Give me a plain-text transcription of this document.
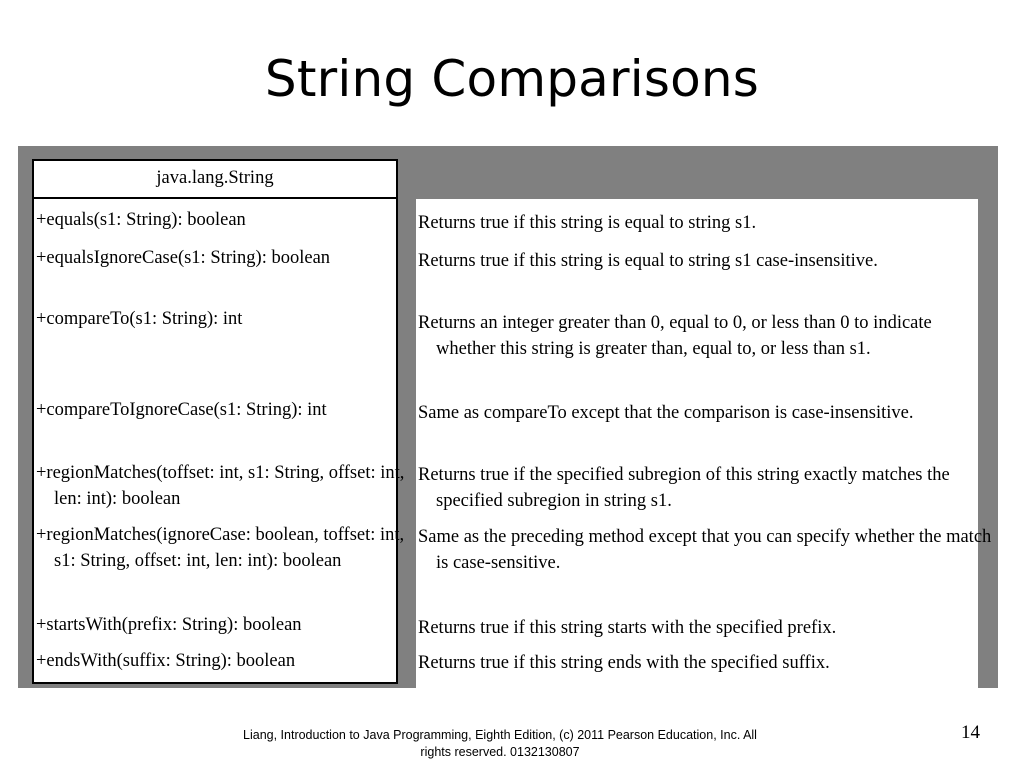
String Comparisons
java.lang.String
+equals(s1: String): boolean
+equalsIgnoreCase(s1: String): boolean
+compareTo(s1: String): int
+compareToIgnoreCase(s1: String): int
+regionMatches(toffset: int, s1: String, offset: int, len: int): boolean
+regionMatches(ignoreCase: boolean, toffset: int, s1: String, offset: int, len: int): boolean
+startsWith(prefix: String): boolean
+endsWith(suffix: String): boolean
Returns true if this string is equal to string s1.
Returns true if this string is equal to string s1 case-insensitive.
Returns an integer greater than 0, equal to 0, or less than 0 to indicate whether this string is greater than, equal to, or less than s1.
Same as compareTo except that the comparison is case-insensitive.
Returns true if the specified subregion of this string exactly matches the specified subregion in string s1.
Same as the preceding method except that you can specify whether the match is case-sensitive.
Returns true if this string starts with the specified prefix.
Returns true if this string ends with the specified suffix.
Liang, Introduction to Java Programming, Eighth Edition, (c) 2011 Pearson Education, Inc. All
rights reserved. 0132130807
14
